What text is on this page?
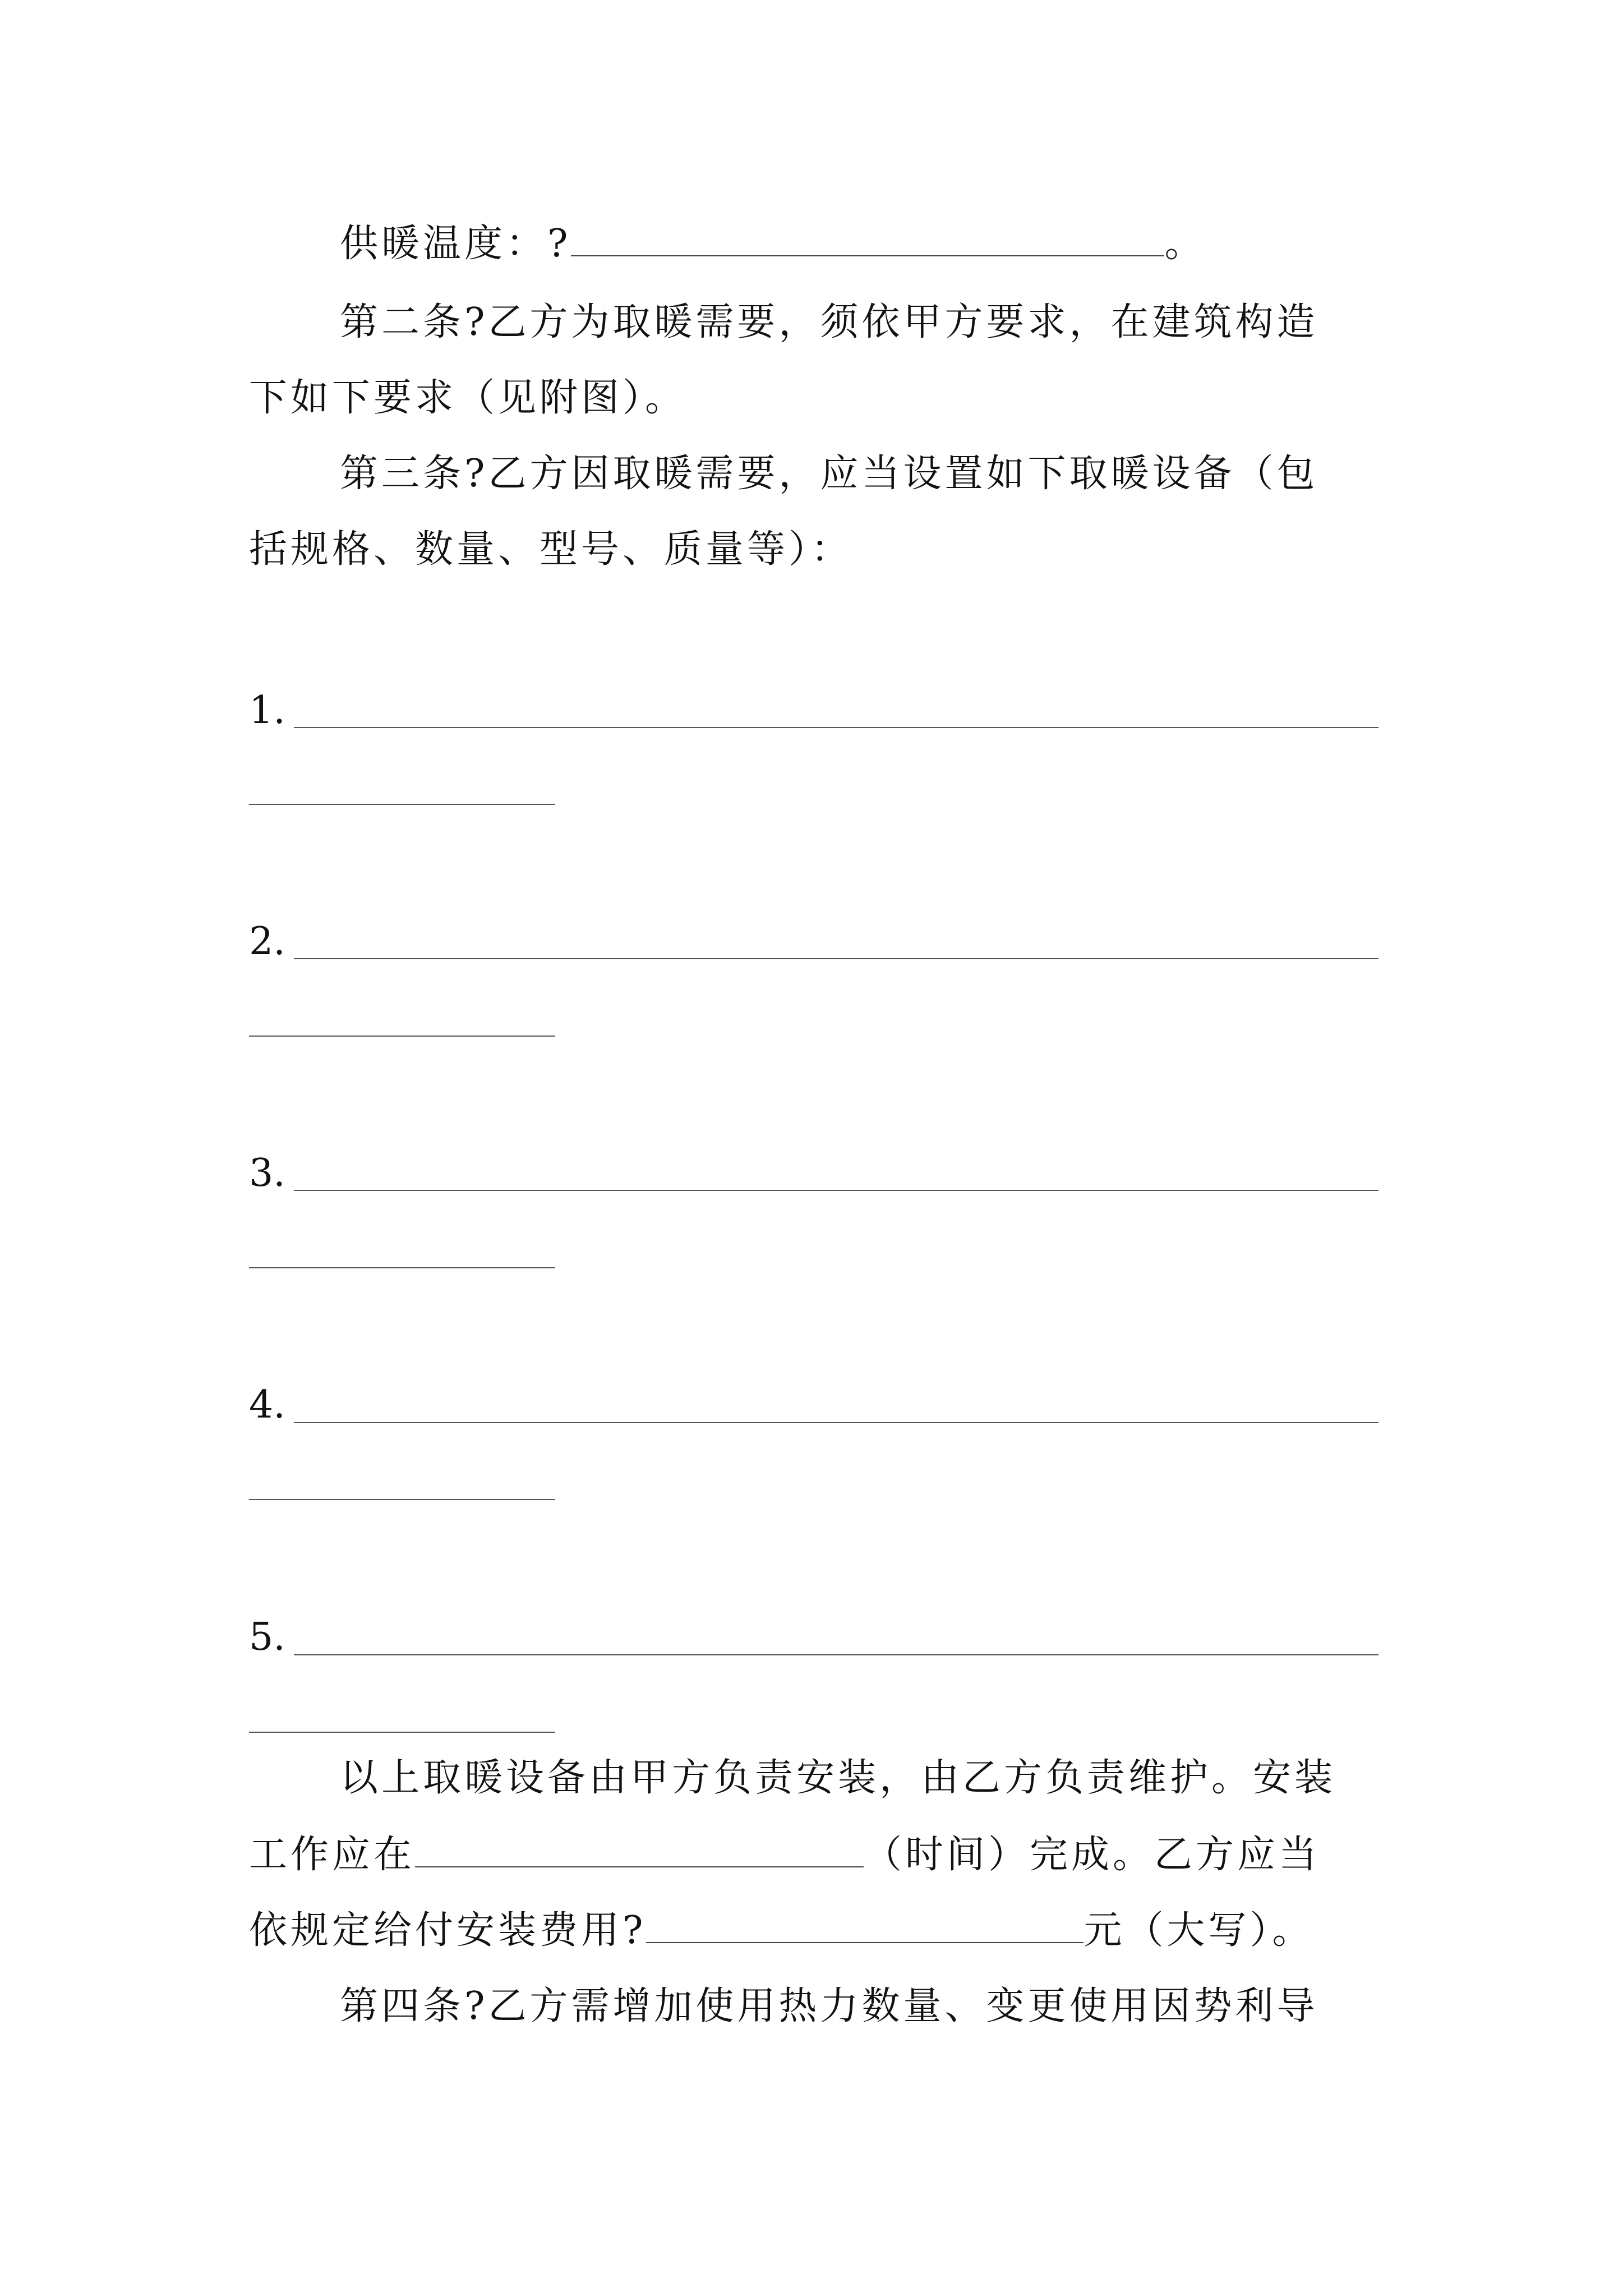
供暖温度：?	。
第二条?乙方为取暖需要，须依甲方要求，在建筑构造
下如下要求（见附图）。
第三条?乙方因取暖需要，应当设置如下取暖设备（包
括规格、数量、型号、质量等）：
1.
2.
3.
4.
5.
以上取暖设备由甲方负责安装，由乙方负责维护。安装
工作应在	（时间）完成。乙方应当
依规定给付安装费用?	元（大写）。
第四条?乙方需增加使用热力数量、变更使用因势利导
